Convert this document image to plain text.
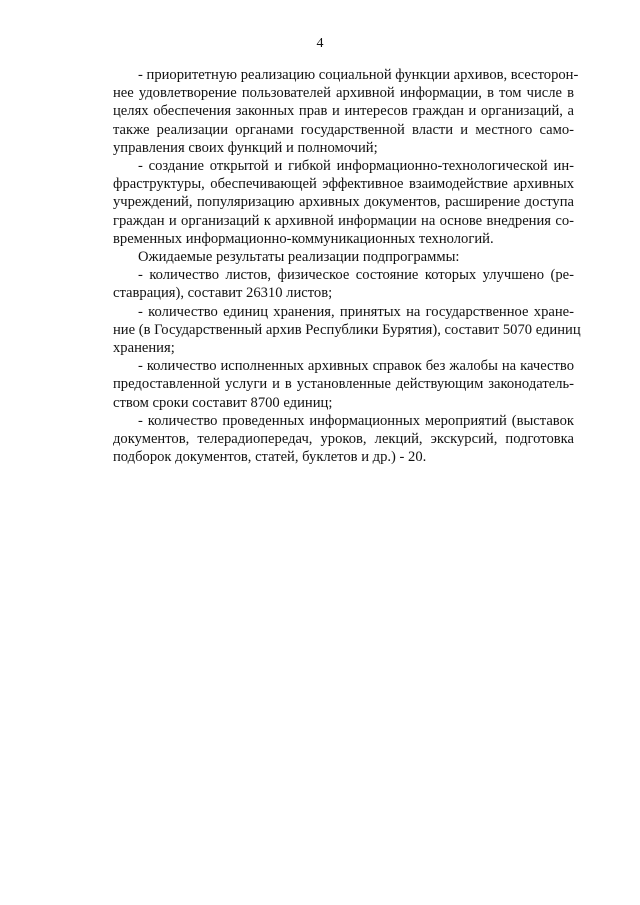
4
- приоритетную реализацию социальной функции архивов, всесторон-
нее удовлетворение пользователей архивной информации, в том числе в
целях обеспечения законных прав и интересов граждан и организаций, а
также реализации органами государственной власти и местного само-
управления своих функций и полномочий;
- создание открытой и гибкой информационно-технологической ин-
фраструктуры, обеспечивающей эффективное взаимодействие архивных
учреждений, популяризацию архивных документов, расширение доступа
граждан и организаций к архивной информации на основе внедрения со-
временных информационно-коммуникационных технологий.
Ожидаемые результаты реализации подпрограммы:
- количество листов, физическое состояние которых улучшено (ре-
ставрация), составит 26310 листов;
- количество единиц хранения, принятых на государственное хране-
ние (в Государственный архив Республики Бурятия), составит 5070 единиц
хранения;
- количество исполненных архивных справок без жалобы на качество
предоставленной услуги и в установленные действующим законодатель-
ством сроки составит 8700 единиц;
- количество проведенных информационных мероприятий (выставок
документов, телерадиопередач, уроков, лекций, экскурсий, подготовка
подборок документов, статей, буклетов и др.) - 20.
